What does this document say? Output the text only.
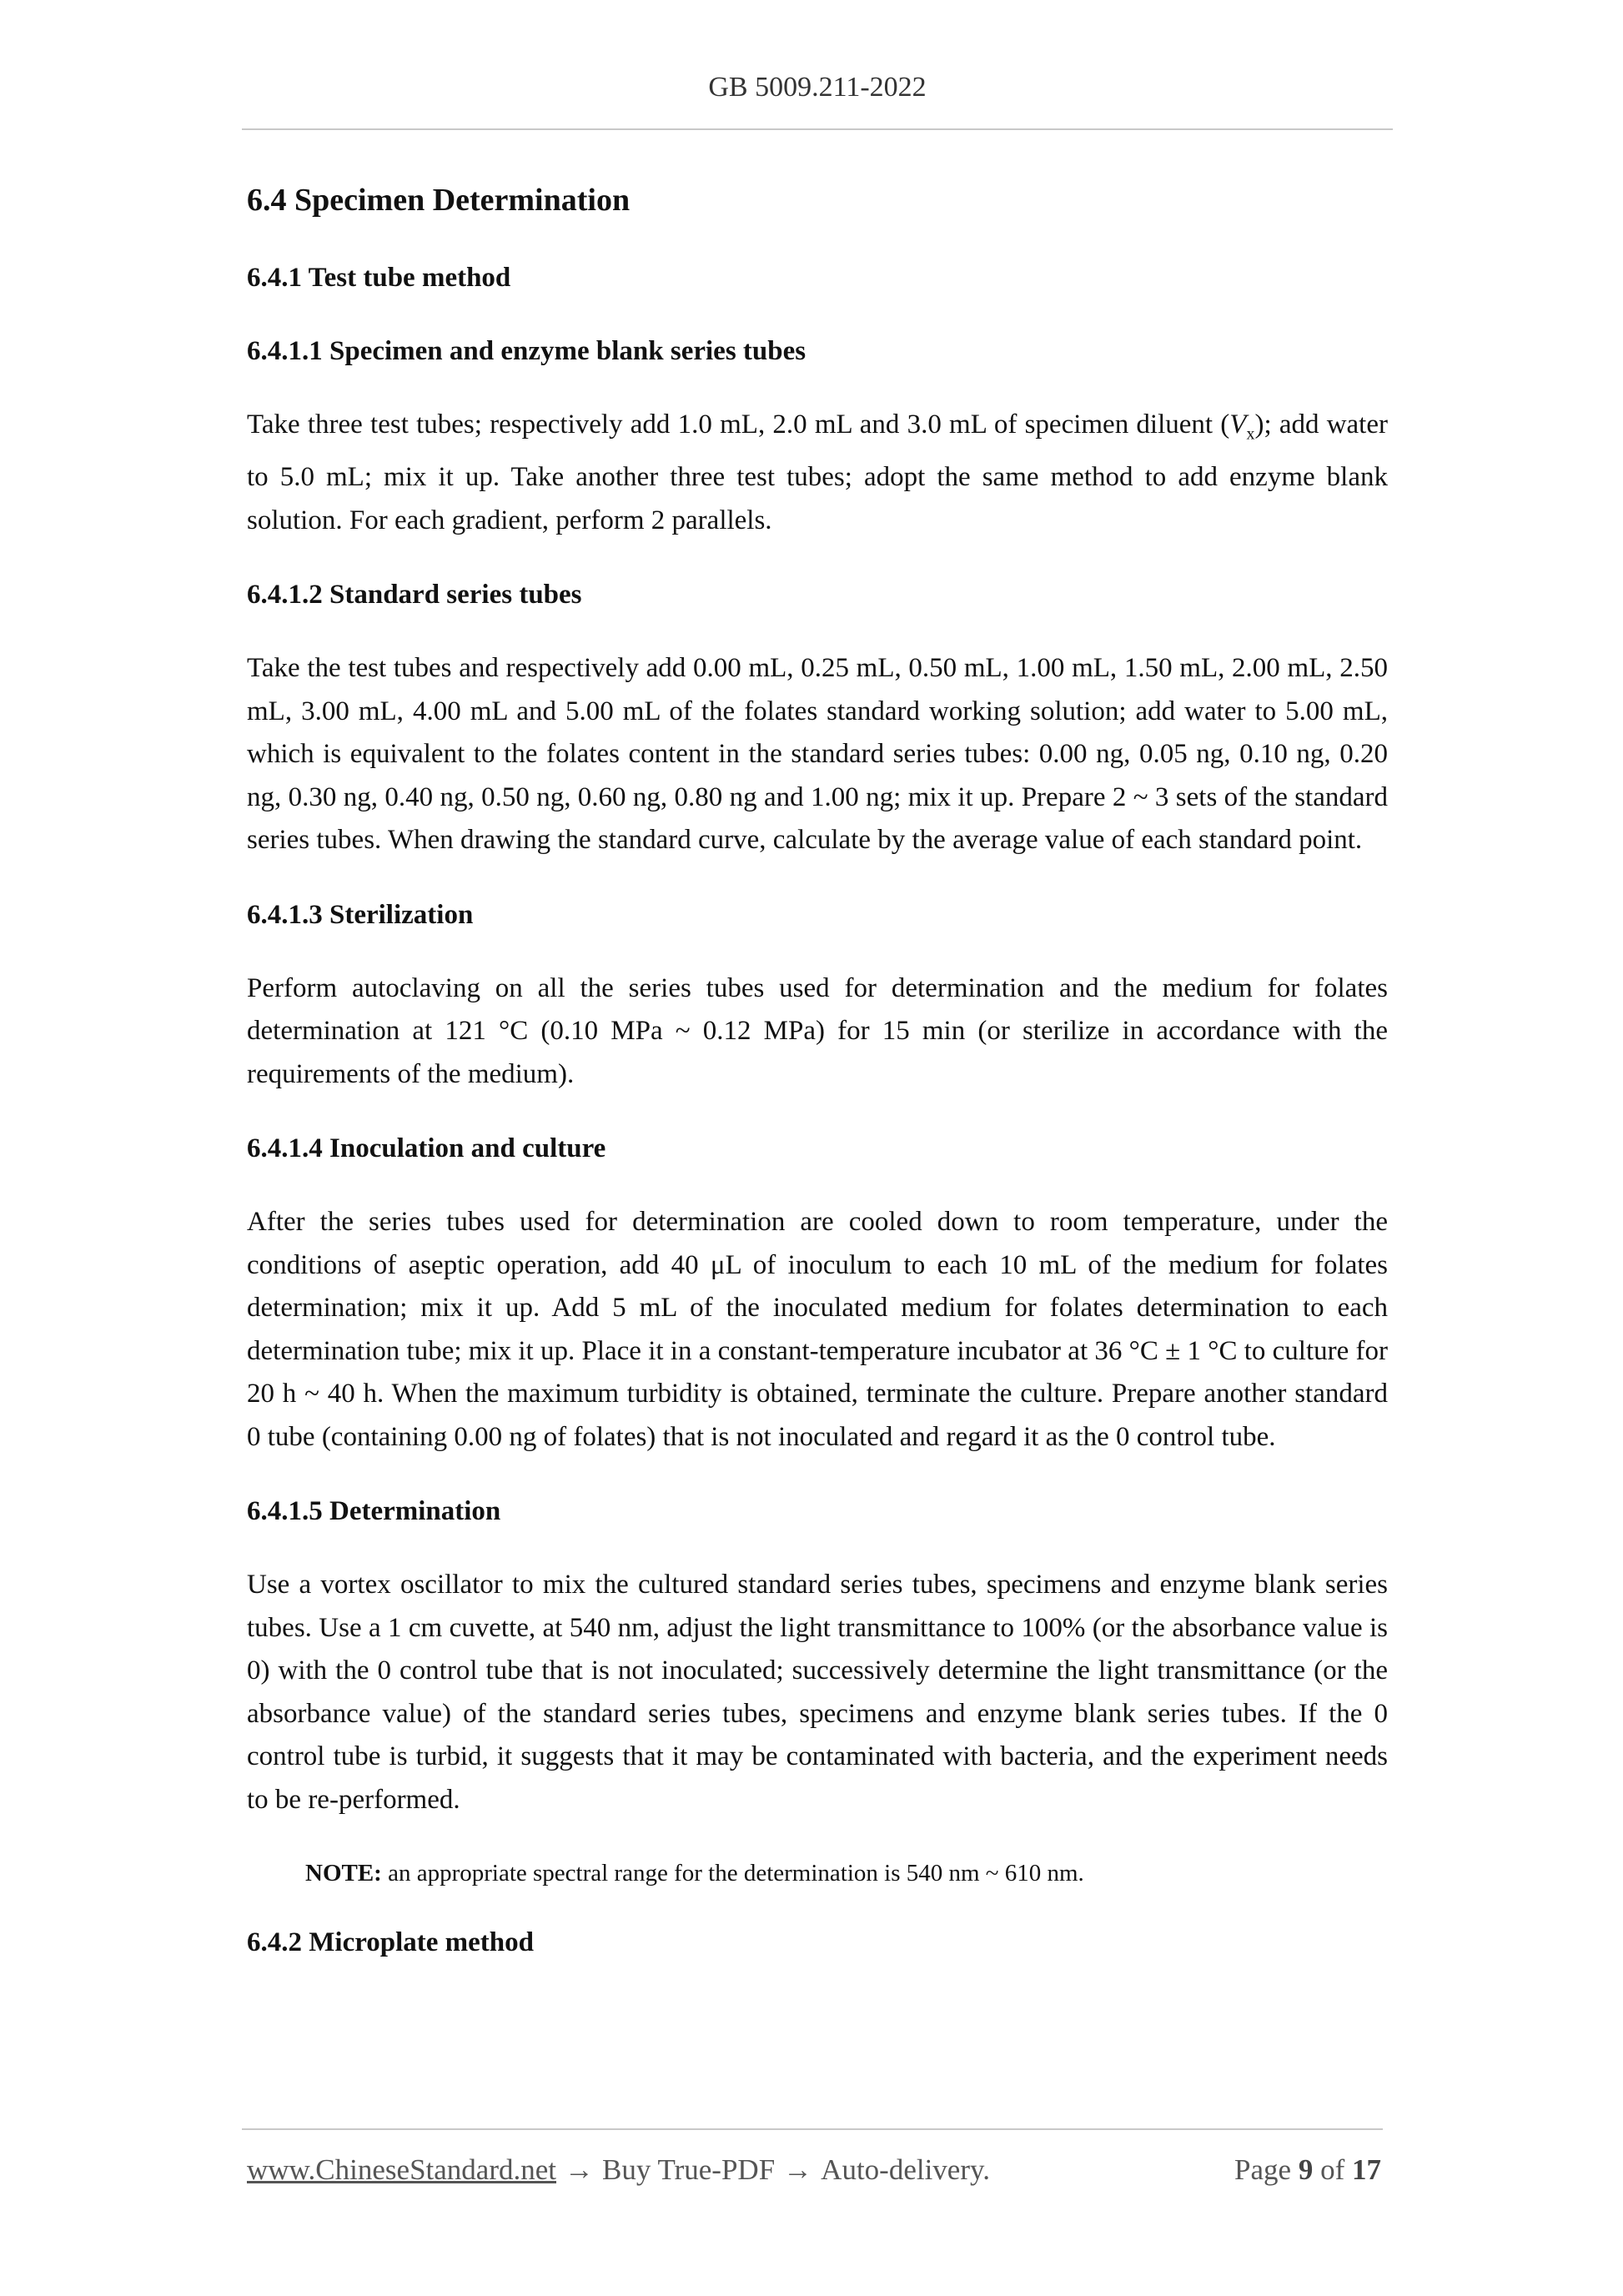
GB 5009.211-2022
6.4 Specimen Determination
6.4.1 Test tube method
6.4.1.1 Specimen and enzyme blank series tubes
Take three test tubes; respectively add 1.0 mL, 2.0 mL and 3.0 mL of specimen diluent $(V_x)$; add water to 5.0 mL; mix it up. Take another three test tubes; adopt the same method to add enzyme blank solution. For each gradient, perform 2 parallels.
6.4.1.2 Standard series tubes
Take the test tubes and respectively add 0.00 mL, 0.25 mL, 0.50 mL, 1.00 mL, 1.50 mL, 2.00 mL, 2.50 mL, 3.00 mL, 4.00 mL and 5.00 mL of the folates standard working solution; add water to 5.00 mL, which is equivalent to the folates content in the standard series tubes: 0.00 ng, 0.05 ng, 0.10 ng, 0.20 ng, 0.30 ng, 0.40 ng, 0.50 ng, 0.60 ng, 0.80 ng and 1.00 ng; mix it up. Prepare 2 ~ 3 sets of the standard series tubes. When drawing the standard curve, calculate by the average value of each standard point.
6.4.1.3 Sterilization
Perform autoclaving on all the series tubes used for determination and the medium for folates determination at 121 °C (0.10 MPa ~ 0.12 MPa) for 15 min (or sterilize in accordance with the requirements of the medium).
6.4.1.4 Inoculation and culture
After the series tubes used for determination are cooled down to room temperature, under the conditions of aseptic operation, add 40 μL of inoculum to each 10 mL of the medium for folates determination; mix it up. Add 5 mL of the inoculated medium for folates determination to each determination tube; mix it up. Place it in a constant-temperature incubator at 36 °C ± 1 °C to culture for 20 h ~ 40 h. When the maximum turbidity is obtained, terminate the culture. Prepare another standard 0 tube (containing 0.00 ng of folates) that is not inoculated and regard it as the 0 control tube.
6.4.1.5 Determination
Use a vortex oscillator to mix the cultured standard series tubes, specimens and enzyme blank series tubes. Use a 1 cm cuvette, at 540 nm, adjust the light transmittance to 100% (or the absorbance value is 0) with the 0 control tube that is not inoculated; successively determine the light transmittance (or the absorbance value) of the standard series tubes, specimens and enzyme blank series tubes. If the 0 control tube is turbid, it suggests that it may be contaminated with bacteria, and the experiment needs to be re-performed.
NOTE: an appropriate spectral range for the determination is 540 nm ~ 610 nm.
6.4.2 Microplate method
www.ChineseStandard.net → Buy True-PDF → Auto-delivery.	Page 9 of 17
